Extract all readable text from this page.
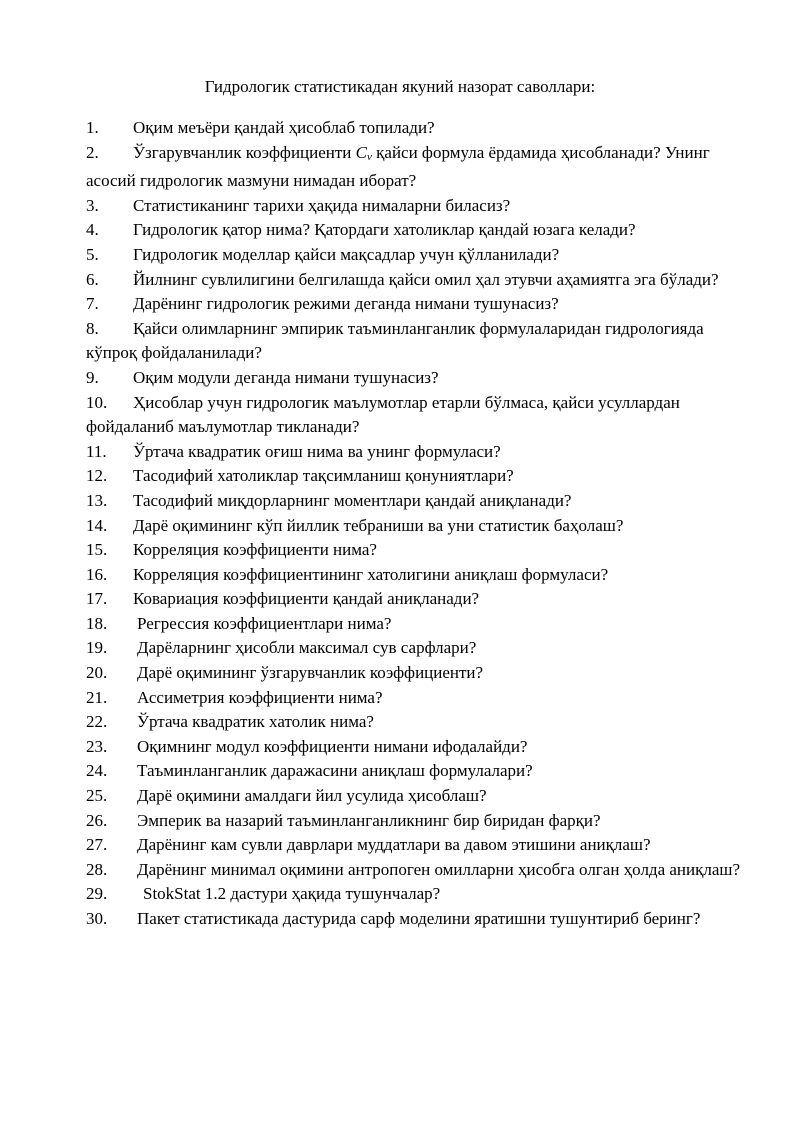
Гидрологик статистикадан якуний назорат саволлари:

1. Оқим меъёри қандай ҳисоблаб топилади?

2. Ўзгарувчанлик коэффициенти Cv қайси формула ёрдамида ҳисобланади? Унинг асосий гидрологик мазмуни нимадан иборат?

3. Статистиканинг тарихи ҳақида нималарни биласиз?

4. Гидрологик қатор нима? Қатордаги хатоликлар қандай юзага келади?

5. Гидрологик моделлар қайси мақсадлар учун қўлланилади?

6. Йилнинг сувлилигини белгилашда қайси омил ҳал этувчи аҳамиятга эга бўлади?

7. Дарёнинг гидрологик режими деганда нимани тушунасиз?

8. Қайси олимларнинг эмпирик таъминланганлик формулаларидан гидрологияда кўпроқ фойдаланилади?

9. Оқим модули деганда нимани тушунасиз?

10. Ҳисоблар учун гидрологик маълумотлар етарли бўлмаса, қайси усуллардан фойдаланиб маълумотлар тикланади?

11. Ўртача квадратик оғиш нима ва унинг формуласи?

12. Тасодифий хатоликлар тақсимланиш қонуниятлари?

13. Тасодифий миқдорларнинг моментлари қандай аниқланади?

14. Дарё оқимининг кўп йиллик тебраниши ва уни статистик баҳолаш?

15. Корреляция коэффициенти нима?

16. Корреляция коэффициентининг хатолигини аниқлаш формуласи?

17. Ковариация коэффициенти қандай аниқланади?

18. Регрессия коэффициентлари нима?

19. Дарёларнинг ҳисобли максимал сув сарфлари?

20. Дарё оқимининг ўзгарувчанлик коэффициенти?

21. Ассиметрия коэффициенти нима?

22. Ўртача квадратик хатолик нима?

23. Оқимнинг модул коэффициенти нимани ифодалайди?

24. Таъминланганлик даражасини аниқлаш формулалари?

25. Дарё оқимини амалдаги йил усулида ҳисоблаш?

26. Эмперик ва назарий таъминланганликнинг бир биридан фарқи?

27. Дарёнинг кам сувли даврлари муддатлари ва давом этишини аниқлаш?

28. Дарёнинг минимал оқимини антропоген омилларни ҳисобга олган ҳолда аниқлаш?

29. StokStat 1.2 дастури ҳақида тушунчалар?

30. Пакет статистикада дастурида сарф моделини яратишни тушунтириб беринг?
